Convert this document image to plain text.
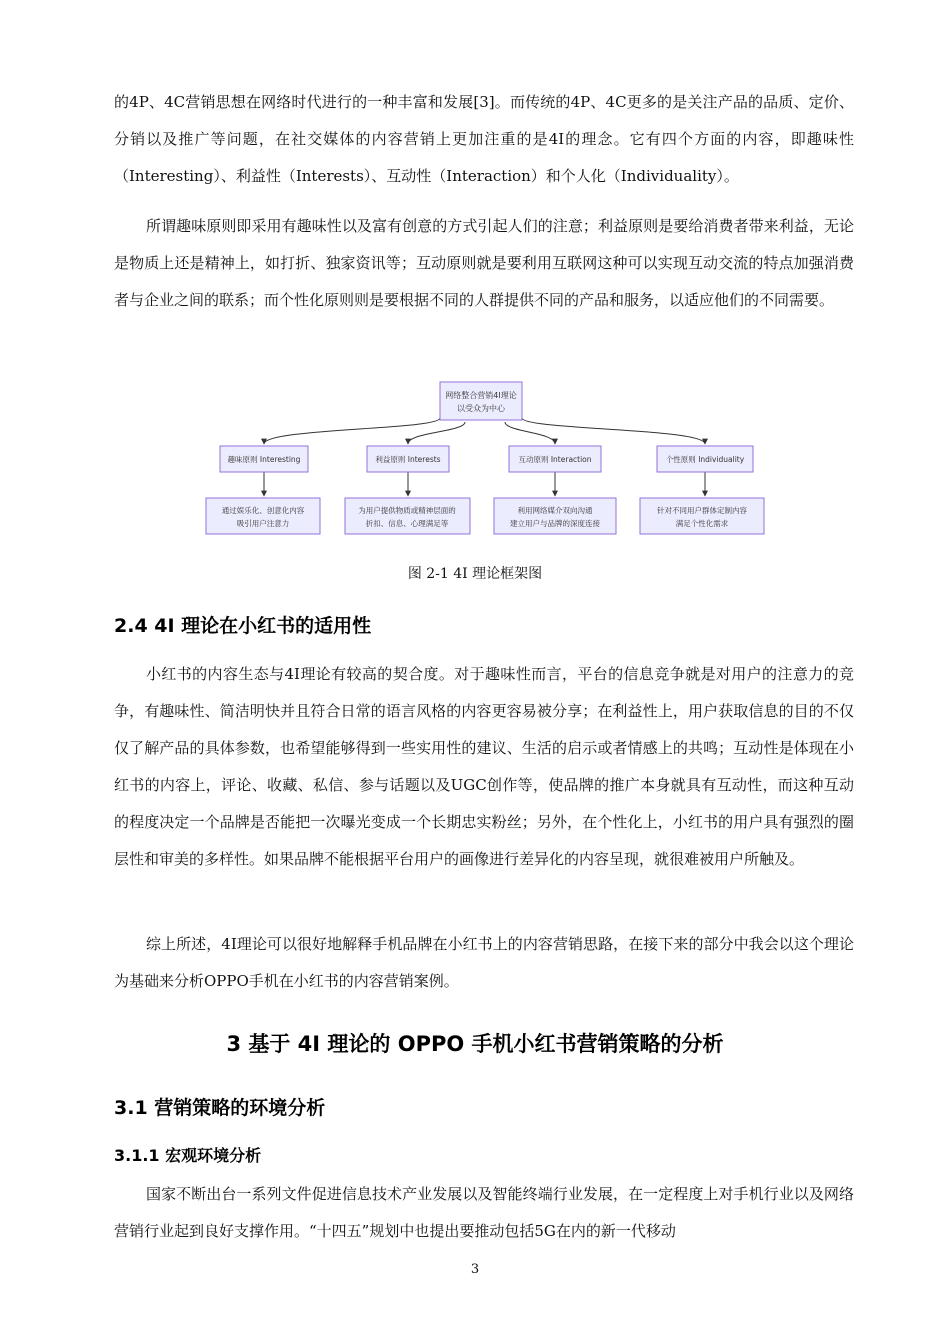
的4P、4C营销思想在网络时代进行的一种丰富和发展[3]。而传统的4P、4C更多的是关注产品的品质、定价、分销以及推广等问题，在社交媒体的内容营销上更加注重的是4I的理念。它有四个方面的内容，即趣味性（Interesting）、利益性（Interests）、互动性（Interaction）和个人化（Individuality）。

所谓趣味原则即采用有趣味性以及富有创意的方式引起人们的注意；利益原则是要给消费者带来利益，无论是物质上还是精神上，如打折、独家资讯等；互动原则就是要利用互联网这种可以实现互动交流的特点加强消费者与企业之间的联系；而个性化原则则是要根据不同的人群提供不同的产品和服务，以适应他们的不同需要。

网络整合营销4I理论
以受众为中心
趣味原则 Interesting	利益原则 Interests	互动原则 Interaction	个性原则 Individuality
通过娱乐化、创意化内容
吸引用户注意力
为用户提供物质或精神层面的
折扣、信息、心理满足等
利用网络媒介双向沟通
建立用户与品牌的深度连接
针对不同用户群体定制内容
满足个性化需求
图 2-1 4I 理论框架图
2.4 4I 理论在小红书的适用性

小红书的内容生态与4I理论有较高的契合度。对于趣味性而言，平台的信息竞争就是对用户的注意力的竞争，有趣味性、简洁明快并且符合日常的语言风格的内容更容易被分享；在利益性上，用户获取信息的目的不仅仅了解产品的具体参数，也希望能够得到一些实用性的建议、生活的启示或者情感上的共鸣；互动性是体现在小红书的内容上，评论、收藏、私信、参与话题以及UGC创作等，使品牌的推广本身就具有互动性，而这种互动的程度决定一个品牌是否能把一次曝光变成一个长期忠实粉丝；另外，在个性化上，小红书的用户具有强烈的圈层性和审美的多样性。如果品牌不能根据平台用户的画像进行差异化的内容呈现，就很难被用户所触及。

综上所述，4I理论可以很好地解释手机品牌在小红书上的内容营销思路，在接下来的部分中我会以这个理论为基础来分析OPPO手机在小红书的内容营销案例。

3 基于 4I 理论的 OPPO 手机小红书营销策略的分析
3.1 营销策略的环境分析
3.1.1 宏观环境分析

国家不断出台一系列文件促进信息技术产业发展以及智能终端行业发展，在一定程度上对手机行业以及网络营销行业起到良好支撑作用。“十四五”规划中也提出要推动包括5G在内的新一代移动

3
